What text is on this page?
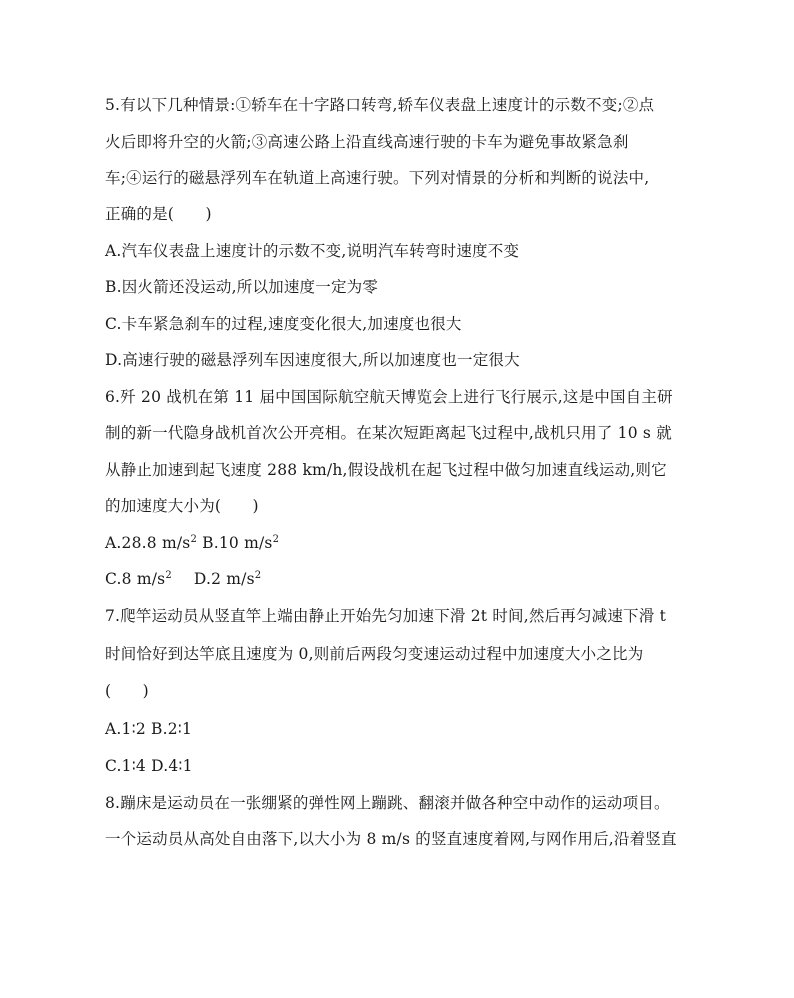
5.有以下几种情景:①轿车在十字路口转弯,轿车仪表盘上速度计的示数不变;②点
火后即将升空的火箭;③高速公路上沿直线高速行驶的卡车为避免事故紧急刹
车;④运行的磁悬浮列车在轨道上高速行驶。下列对情景的分析和判断的说法中,
正确的是(　　)
A.汽车仪表盘上速度计的示数不变,说明汽车转弯时速度不变
B.因火箭还没运动,所以加速度一定为零
C.卡车紧急刹车的过程,速度变化很大,加速度也很大
D.高速行驶的磁悬浮列车因速度很大,所以加速度也一定很大
6.歼 20 战机在第 11 届中国国际航空航天博览会上进行飞行展示,这是中国自主研
制的新一代隐身战机首次公开亮相。在某次短距离起飞过程中,战机只用了 10 s 就
从静止加速到起飞速度 288 km/h,假设战机在起飞过程中做匀加速直线运动,则它
的加速度大小为(　　)
A.28.8 $m/s^2$ B.10 $m/s^2$
C.8 $m/s^2$ D.2 $m/s^2$
7.爬竿运动员从竖直竿上端由静止开始先匀加速下滑 2t 时间,然后再匀减速下滑 t
时间恰好到达竿底且速度为 0,则前后两段匀变速运动过程中加速度大小之比为
(　　)
A.1∶2 B.2∶1
C.1∶4 D.4∶1
8.蹦床是运动员在一张绷紧的弹性网上蹦跳、翻滚并做各种空中动作的运动项目。
一个运动员从高处自由落下,以大小为 8 m/s 的竖直速度着网,与网作用后,沿着竖直
